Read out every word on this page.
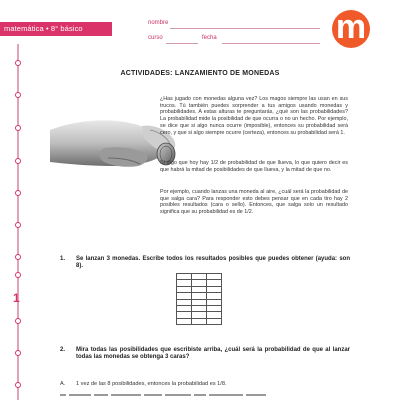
matemática • 8° básico
nombre
curso	fecha	m
1
ACTIVIDADES: LANZAMIENTO DE MONEDAS
¿Has jugado con monedas alguna vez? Los magos siempre las usan en sus trucos. Tú también puedes sorprender a tus amigos usando monedas y probabilidades. A estas alturas te preguntarás, ¿qué son las probabilidades? La probabilidad mide la posibilidad de que ocurra o no un hecho. Por ejemplo, se dice que si algo nunca ocurre (imposible), entonces su probabilidad será cero, y que si algo siempre ocurre (certeza), entonces su probabilidad será 1.
Si digo que hoy hay 1/2 de probabilidad de que llueva, lo que quiero decir es que habrá la mitad de posibilidades de que llueva, y la mitad de que no.
Por ejemplo, cuando lanzas una moneda al aire, ¿cuál será la probabilidad de que salga cara? Para responder esto debes pensar que en cada tiro hay 2 posibles resultados (cara o sello). Entonces, que salga solo un resultado significa que su probabilidad es de 1/2.
1. Se lanzan 3 monedas. Escribe todos los resultados posibles que puedes obtener (ayuda: son 8).

2. Mira todas las posibilidades que escribiste arriba, ¿cuál será la probabilidad de que al lanzar todas las monedas se obtenga 3 caras?
A. 1 vez de las 8 posibilidades, entonces la probabilidad es 1/8.
